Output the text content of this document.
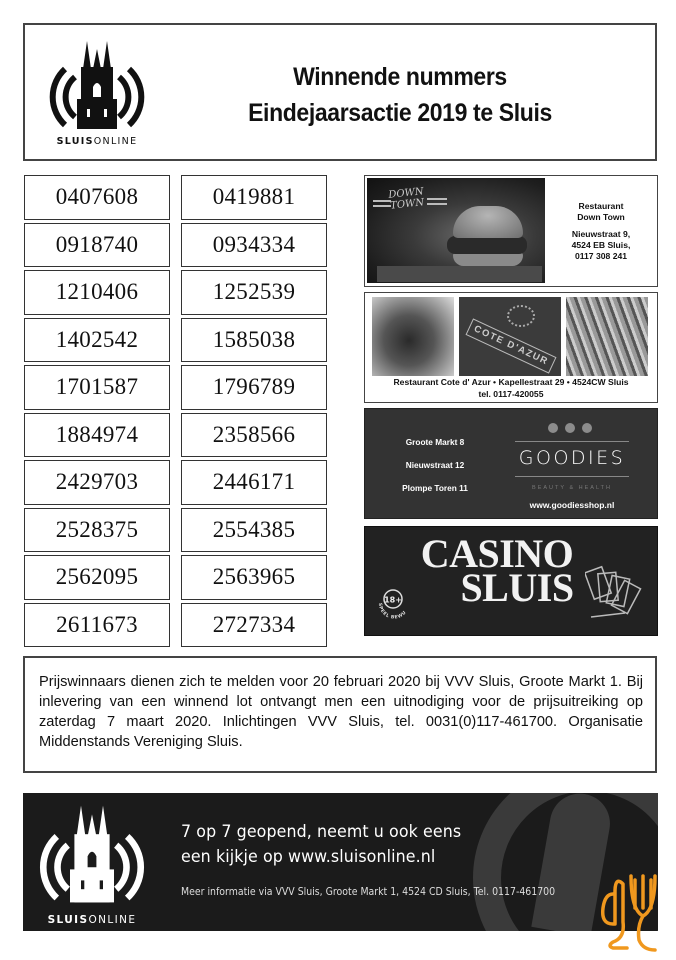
SLUISONLINE
Winnende nummers
Eindejaarsactie 2019 te Sluis
0407608	0419881
0918740	0934334
1210406	1252539
1402542	1585038
1701587	1796789
1884974	2358566
2429703	2446171
2528375	2554385
2562095	2563965
2611673	2727334
DOWN
TOWN	Restaurant
Down Town
Nieuwstraat 9,
4524 EB Sluis,
0117 308 241
COTE D'AZUR
Restaurant Cote d' Azur • Kapellestraat 29 • 4524CW Sluis
tel. 0117-420055
Groote Markt 8
Nieuwstraat 12
Plompe Toren 11
GOODIES
BEAUTY & HEALTH
www.goodiesshop.nl
CASINO
SLUIS
18+
SPEEL BEWU
Prijswinnaars dienen zich te melden voor 20 februari 2020 bij VVV Sluis, Groote Markt 1. Bij inlevering van een winnend lot ontvangt men een uitnodiging voor de prijsuitreiking op zaterdag 7 maart 2020. Inlichtingen VVV Sluis, tel. 0031(0)117-461700. Organisatie Middenstands Vereniging Sluis.
SLUISONLINE
7 op 7 geopend, neemt u ook eens
een kijkje op www.sluisonline.nl
Meer informatie via VVV Sluis, Groote Markt 1, 4524 CD Sluis, Tel. 0117-461700
